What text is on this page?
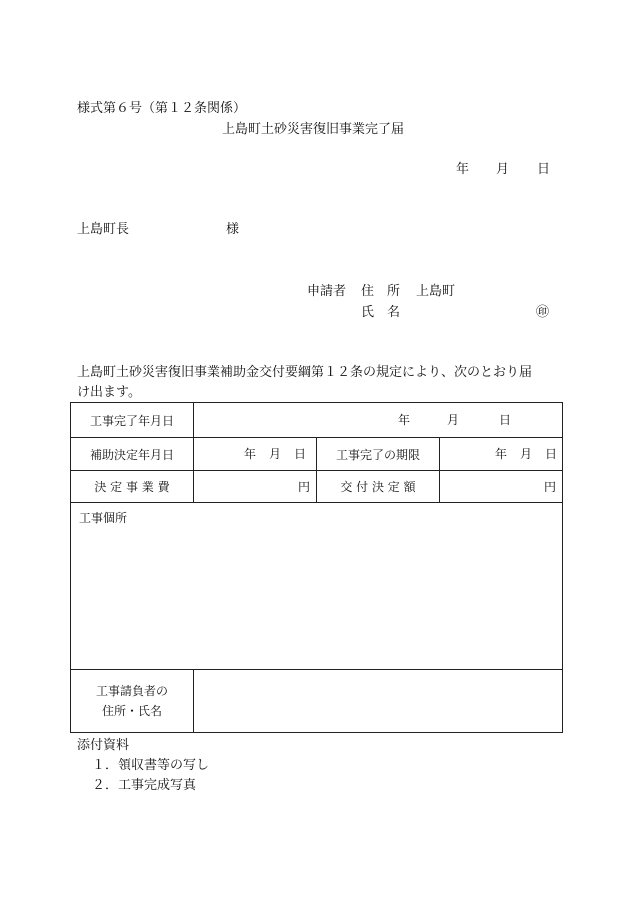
様式第６号（第１２条関係）
上島町土砂災害復旧事業完了届
年 月 日
上島町長	様
申請者 住　所 上島町
氏　名	㊞
上島町土砂災害復旧事業補助金交付要綱第１２条の規定により、次のとおり届
け出ます。
工事完了年月日	年 月 日		

補助決定年月日	年 月 日	工事完了の期限	年 月 日

決 定 事 業 費	円	交 付 決 定 額	円

工事個所			

工事請負者の
住所・氏名			

添付資料
１．領収書等の写し
２．工事完成写真
